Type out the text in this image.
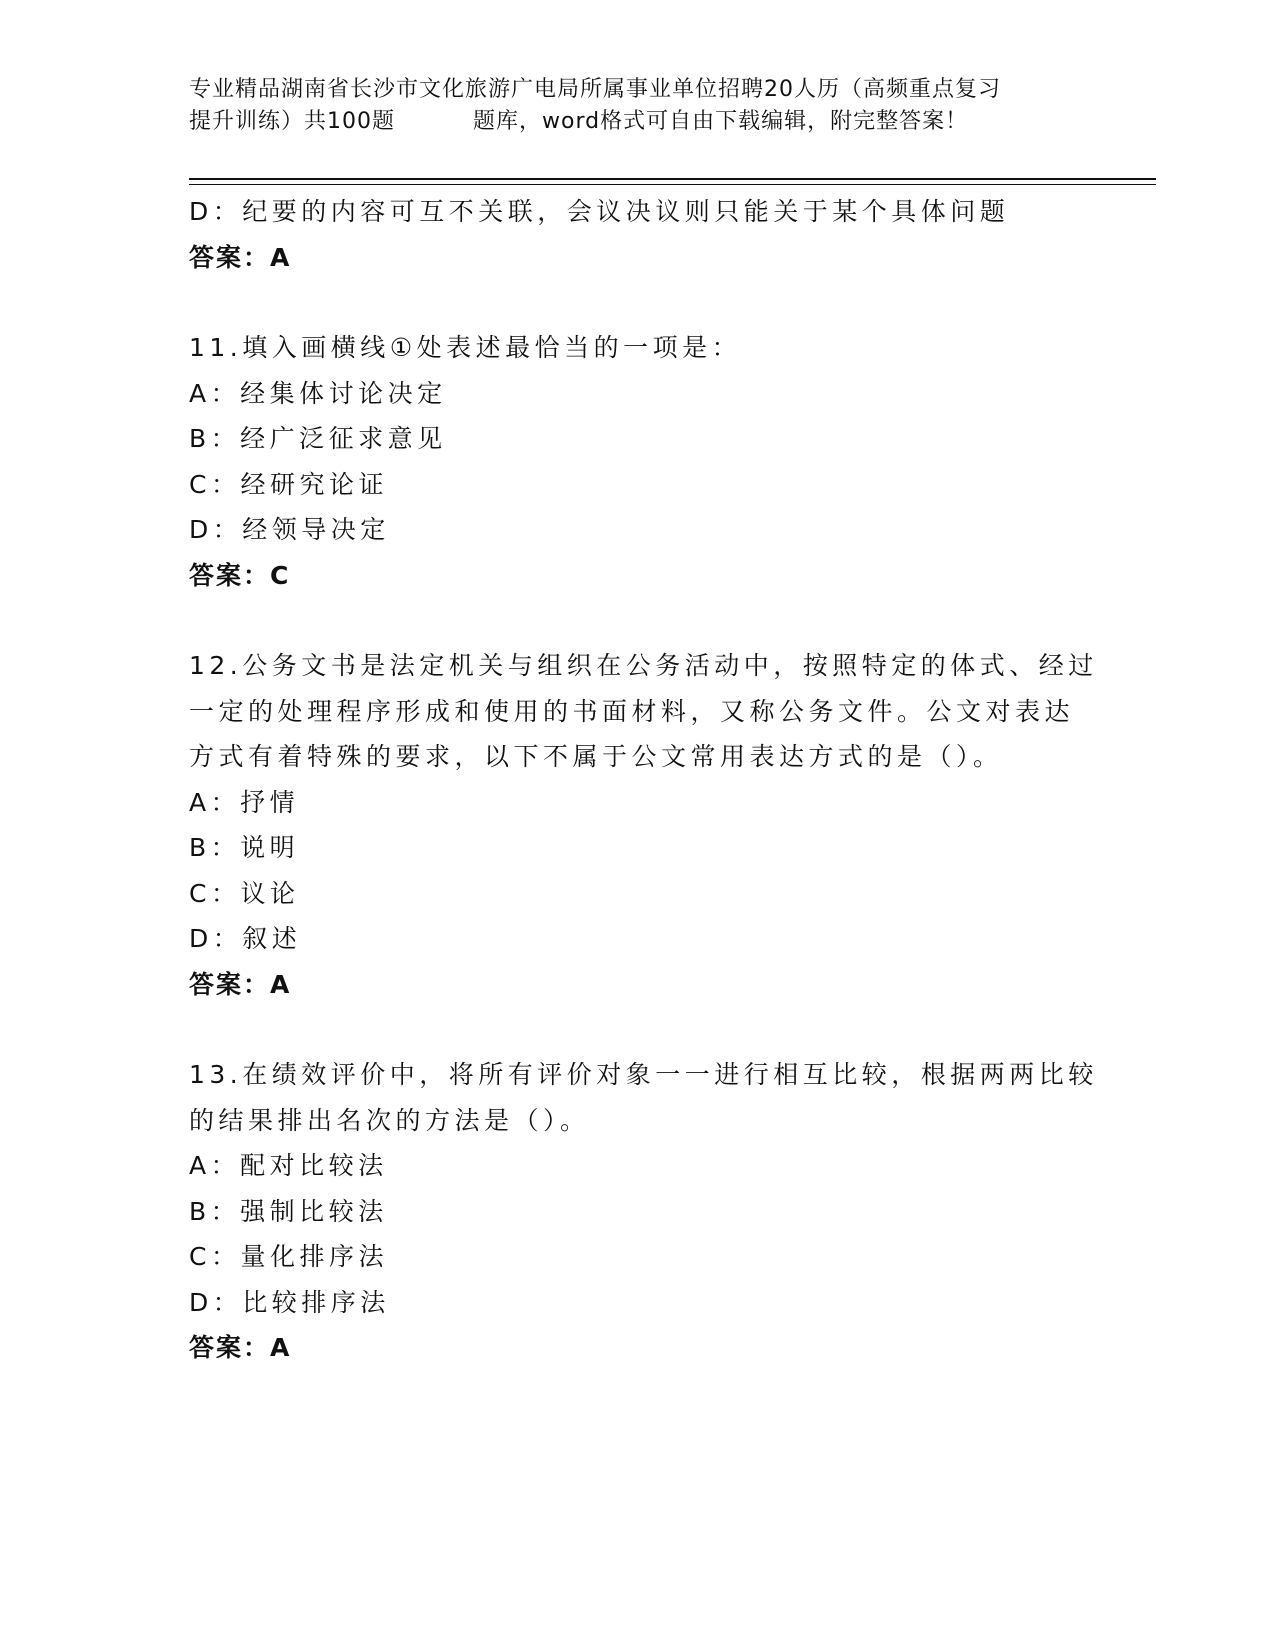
专业精品湖南省长沙市文化旅游广电局所属事业单位招聘20人历（高频重点复习
提升训练）共100题	题库，word格式可自由下载编辑，附完整答案！
D：纪要的内容可互不关联，会议决议则只能关于某个具体问题
答案：A
11.填入画横线①处表述最恰当的一项是：
A：经集体讨论决定
B：经广泛征求意见
C：经研究论证
D：经领导决定
答案：C
12.公务文书是法定机关与组织在公务活动中，按照特定的体式、经过
一定的处理程序形成和使用的书面材料，又称公务文件。公文对表达
方式有着特殊的要求，以下不属于公文常用表达方式的是（）。
A：抒情
B：说明
C：议论
D：叙述
答案：A
13.在绩效评价中，将所有评价对象一一进行相互比较，根据两两比较
的结果排出名次的方法是（）。
A：配对比较法
B：强制比较法
C：量化排序法
D：比较排序法
答案：A
